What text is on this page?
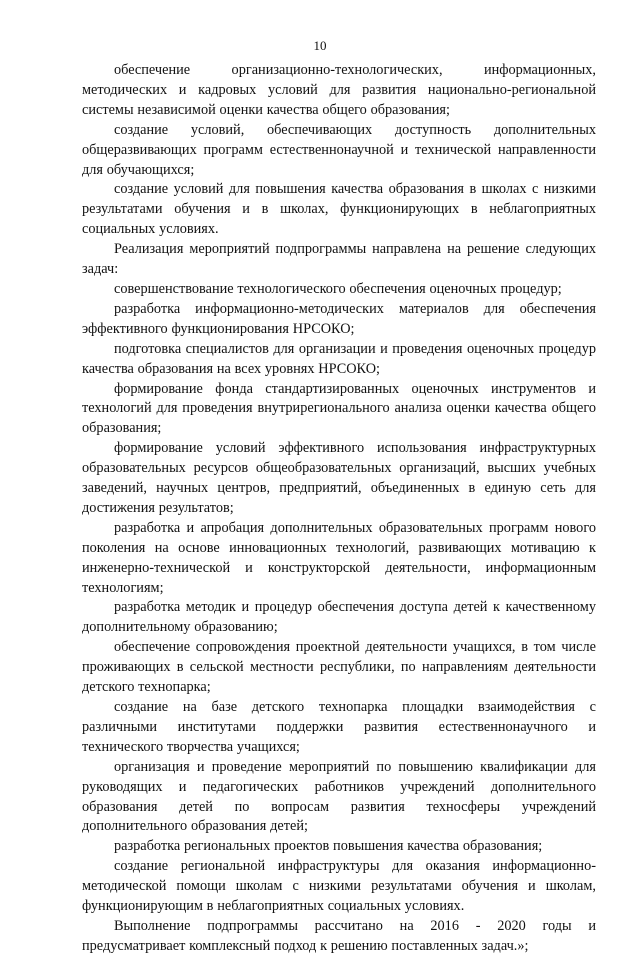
10

обеспечение организационно-технологических, информационных, методических и кадровых условий для развития национально-региональной системы независимой оценки качества общего образования;

создание условий, обеспечивающих доступность дополнительных общеразвивающих программ естественнонаучной и технической направленности для обучающихся;

создание условий для повышения качества образования в школах с низкими результатами обучения и в школах, функционирующих в неблагоприятных социальных условиях.

Реализация мероприятий подпрограммы направлена на решение следующих задач:

совершенствование технологического обеспечения оценочных процедур;

разработка информационно-методических материалов для обеспечения эффективного функционирования НРСОКО;

подготовка специалистов для организации и проведения оценочных процедур качества образования на всех уровнях НРСОКО;

формирование фонда стандартизированных оценочных инструментов и технологий для проведения внутрирегионального анализа оценки качества общего образования;

формирование условий эффективного использования инфраструктурных образовательных ресурсов общеобразовательных организаций, высших учебных заведений, научных центров, предприятий, объединенных в единую сеть для достижения результатов;

разработка и апробация дополнительных образовательных программ нового поколения на основе инновационных технологий, развивающих мотивацию к инженерно-технической и конструкторской деятельности, информационным технологиям;

разработка методик и процедур обеспечения доступа детей к качественному дополнительному образованию;

обеспечение сопровождения проектной деятельности учащихся, в том числе проживающих в сельской местности республики, по направлениям деятельности детского технопарка;

создание на базе детского технопарка площадки взаимодействия с различными институтами поддержки развития естественнонаучного и технического творчества учащихся;

организация и проведение мероприятий по повышению квалификации для руководящих и педагогических работников учреждений дополнительного образования детей по вопросам развития техносферы учреждений дополнительного образования детей;

разработка региональных проектов повышения качества образования;

создание региональной инфраструктуры для оказания информационно-методической помощи школам с низкими результатами обучения и школам, функционирующим в неблагоприятных социальных условиях.

Выполнение подпрограммы рассчитано на 2016 - 2020 годы и предусматривает комплексный подход к решению поставленных задач.»;
